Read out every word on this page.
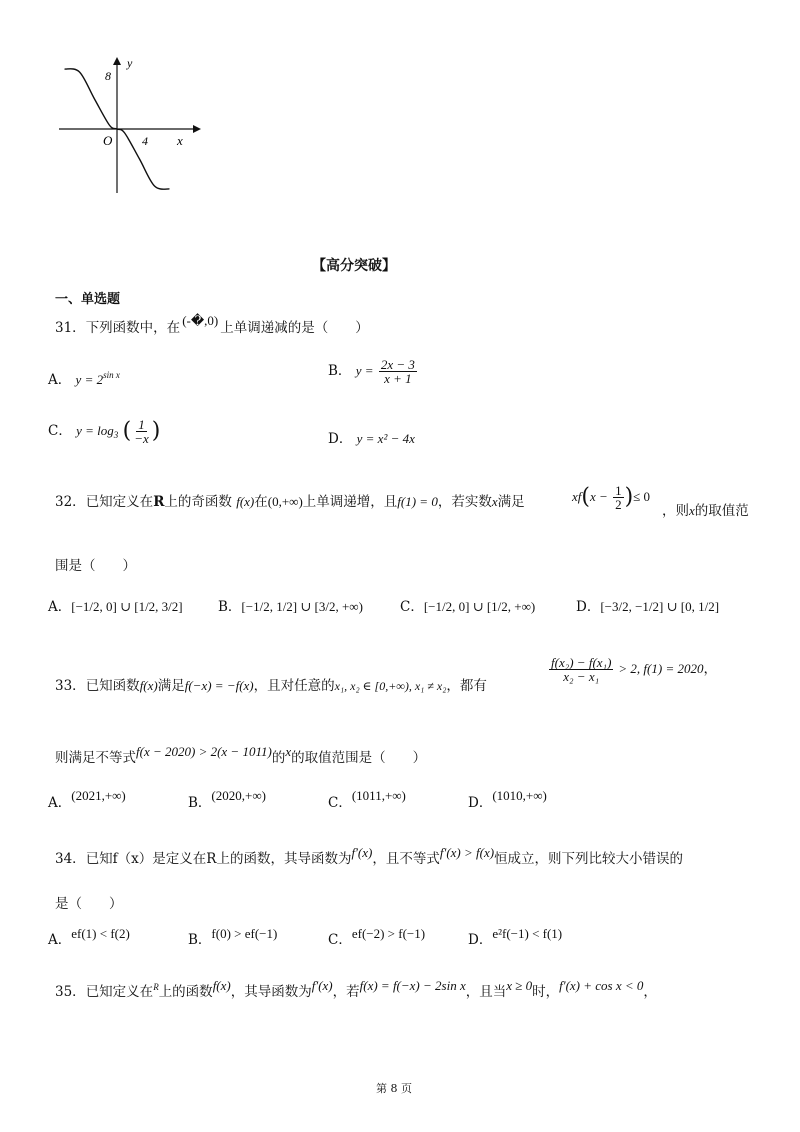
y
x
O 4
8
【高分突破】
一、单选题
31．下列函数中，在 (-�,0) 上单调递减的是（　　）
A． $y = 2^{sin x}$	B． $y = \frac{2x - 3}{x + 1}$
C． $y = \log_3$ ( $\frac{1}{-x}$ )	D． y = x² − 4x
32．已知定义在R上的奇函数 f(x)在(0,+∞)上单调递增，且f(1) = 0，若实数x满足	$xf(x - \frac{1}{2}$ )≤ 0
，则x的取值范
围是（　　）
A．[−1/2, 0] ∪ [1/2, 3/2]	B．[−1/2, 1/2] ∪ [3/2, +∞)	C．[−1/2, 0] ∪ [1/2, +∞)	D．[−3/2, −1/2] ∪ [0, 1/2]
33．已知函数f(x)满足f(−x) = −f(x)，且对任意的x₁, x₂ ∈ [0,+∞), x₁ ≠ x₂，都有
$\frac{\text{f(x₂) − f(x₁)}}{\text{x₂ − x₁}} > 2$, f(1) = 2020，
则满足不等式f(x − 2020) > 2(x − 1011)的x的取值范围是（　　）
A．(2021,+∞)	B．(2020,+∞)	C．(1011,+∞)	D．(1010,+∞)
34．已知f（x）是定义在R上的函数，其导函数为f′(x)，且不等式f′(x) > f(x)恒成立，则下列比较大小错误的
是（　　）
A．ef(1) < f(2)	B．f(0) > ef(−1)	C．ef(−2) > f(−1)	D．e²f(−1) < f(1)
35．已知定义在$^R$上的函数f(x)，其导函数为f′(x)，若f(x) = f(−x) − 2sin x，且当x ≥ 0时，f′(x) + cos x < 0，
第 8 页
